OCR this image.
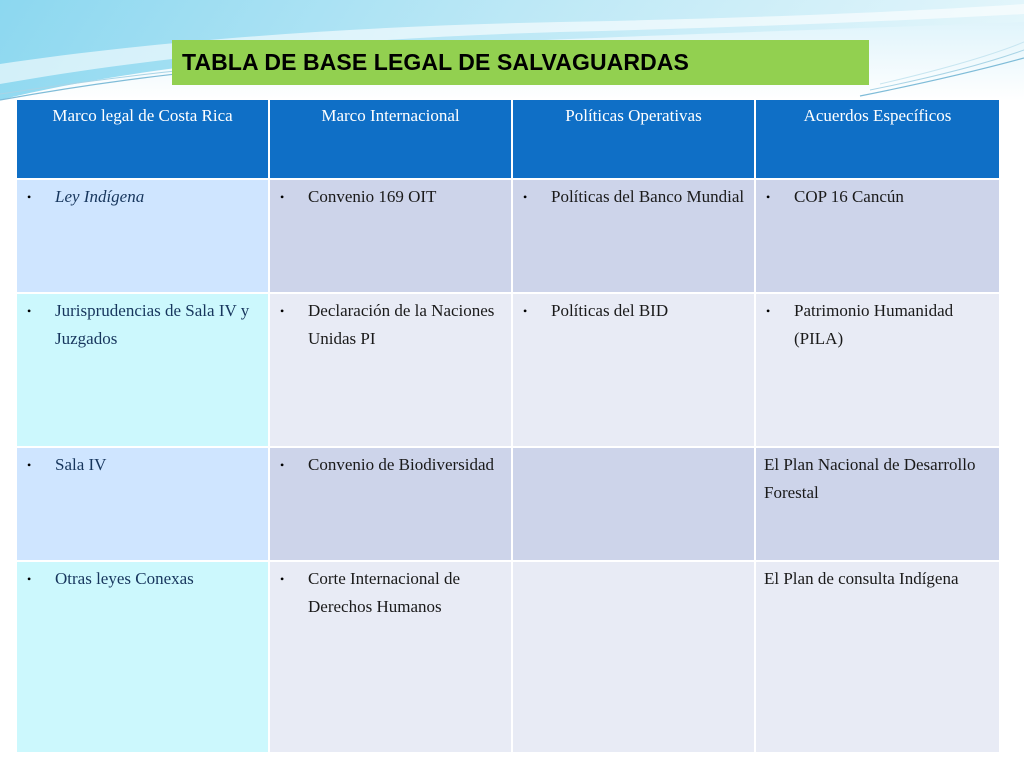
TABLA DE BASE LEGAL DE SALVAGUARDAS
Marco legal de Costa Rica	Marco Internacional	Políticas Operativas	Acuerdos Específicos

• Ley Indígena	• Convenio 169 OIT	• Políticas del Banco Mundial	• COP 16 Cancún

• Jurisprudencias de Sala IV y Juzgados	• Declaración de la Naciones Unidas PI	• Políticas del BID	• Patrimonio Humanidad (PILA)

• Sala IV	• Convenio de Biodiversidad		El Plan Nacional de Desarrollo Forestal

• Otras leyes Conexas	• Corte Internacional de Derechos Humanos		El Plan de consulta Indígena
